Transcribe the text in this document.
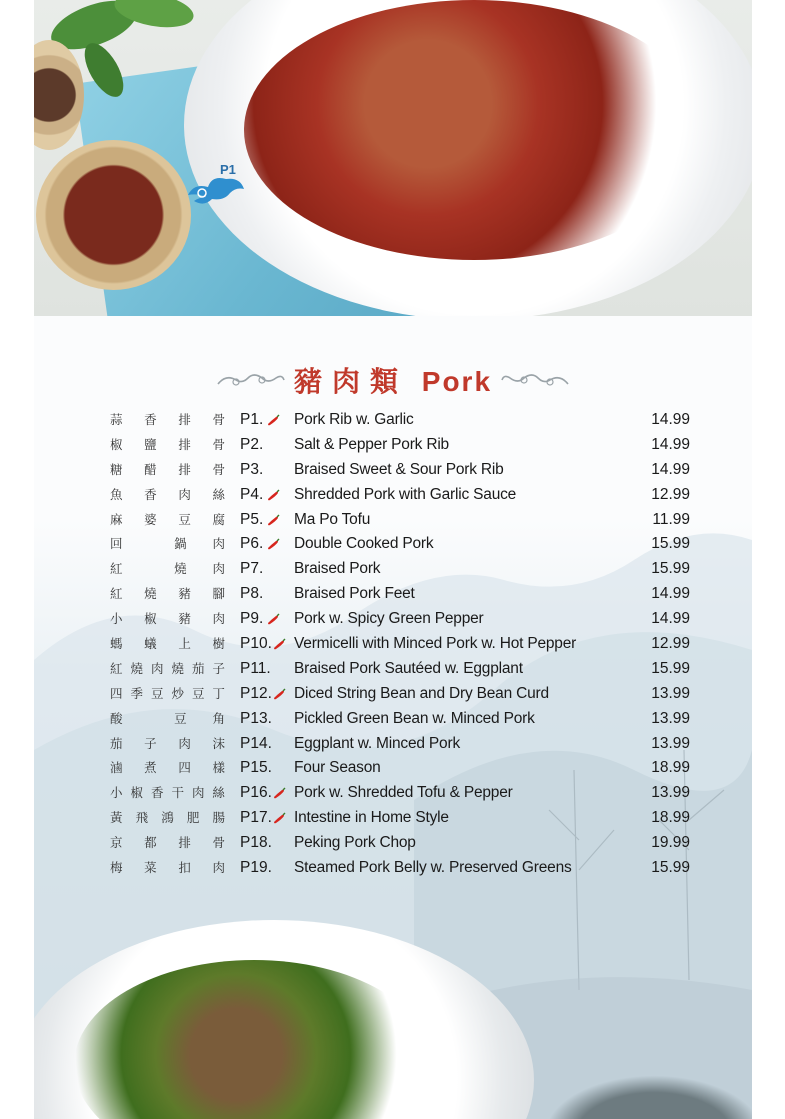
P1
豬肉類 Pork
蒜 香 排 骨 P1. Pork Rib w. Garlic	14.99
椒 鹽 排 骨 P2. Salt & Pepper Pork Rib	14.99
糖 醋 排 骨 P3. Braised Sweet & Sour Pork Rib	14.99
魚 香 肉 絲 P4. Shredded Pork with Garlic Sauce	12.99
麻 婆 豆 腐 P5. Ma Po Tofu	11.99
回	鍋 肉 P6. Double Cooked Pork	15.99
紅	燒 肉 P7. Braised Pork	15.99
紅 燒 豬 腳 P8. Braised Pork Feet	14.99
小 椒 豬 肉 P9. Pork w. Spicy Green Pepper	14.99
螞 蟻 上 樹 P10. Vermicelli with Minced Pork w. Hot Pepper	12.99
紅 燒 肉 燒 茄 子 P11. Braised Pork Sautéed w. Eggplant	15.99
四 季 豆 炒 豆 丁 P12. Diced String Bean and Dry Bean Curd	13.99
酸	豆 角 P13. Pickled Green Bean w. Minced Pork	13.99
茄 子 肉 沫 P14. Eggplant w. Minced Pork	13.99
滷 煮 四 樣 P15. Four Season	18.99
小 椒 香 干 肉 絲 P16. Pork w. Shredded Tofu & Pepper	13.99
黃 飛 鴻 肥 腸 P17. Intestine in Home Style	18.99
京 都 排 骨 P18. Peking Pork Chop	19.99
梅 菜 扣 肉 P19. Steamed Pork Belly w. Preserved Greens	15.99
